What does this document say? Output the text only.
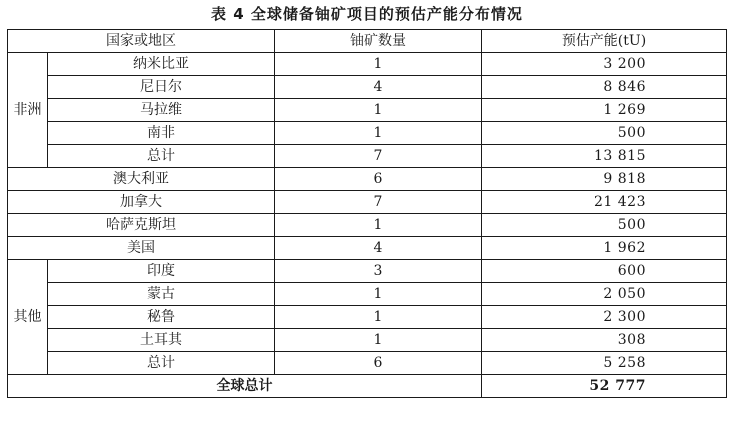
表 4 全球储备铀矿项目的预估产能分布情况
国家或地区		铀矿数量	预估产能(tU)
非洲	纳米比亚	1	3 200
	尼日尔	4	8 846
	马拉维	1	1 269
	南非	1	500
	总计	7	13 815
澳大利亚		6	9 818
加拿大		7	21 423
哈萨克斯坦		1	500
美国		4	1 962
其他	印度	3	600
	蒙古	1	2 050
	秘鲁	1	2 300
	土耳其	1	308
	总计	6	5 258
全球总计			52 777
